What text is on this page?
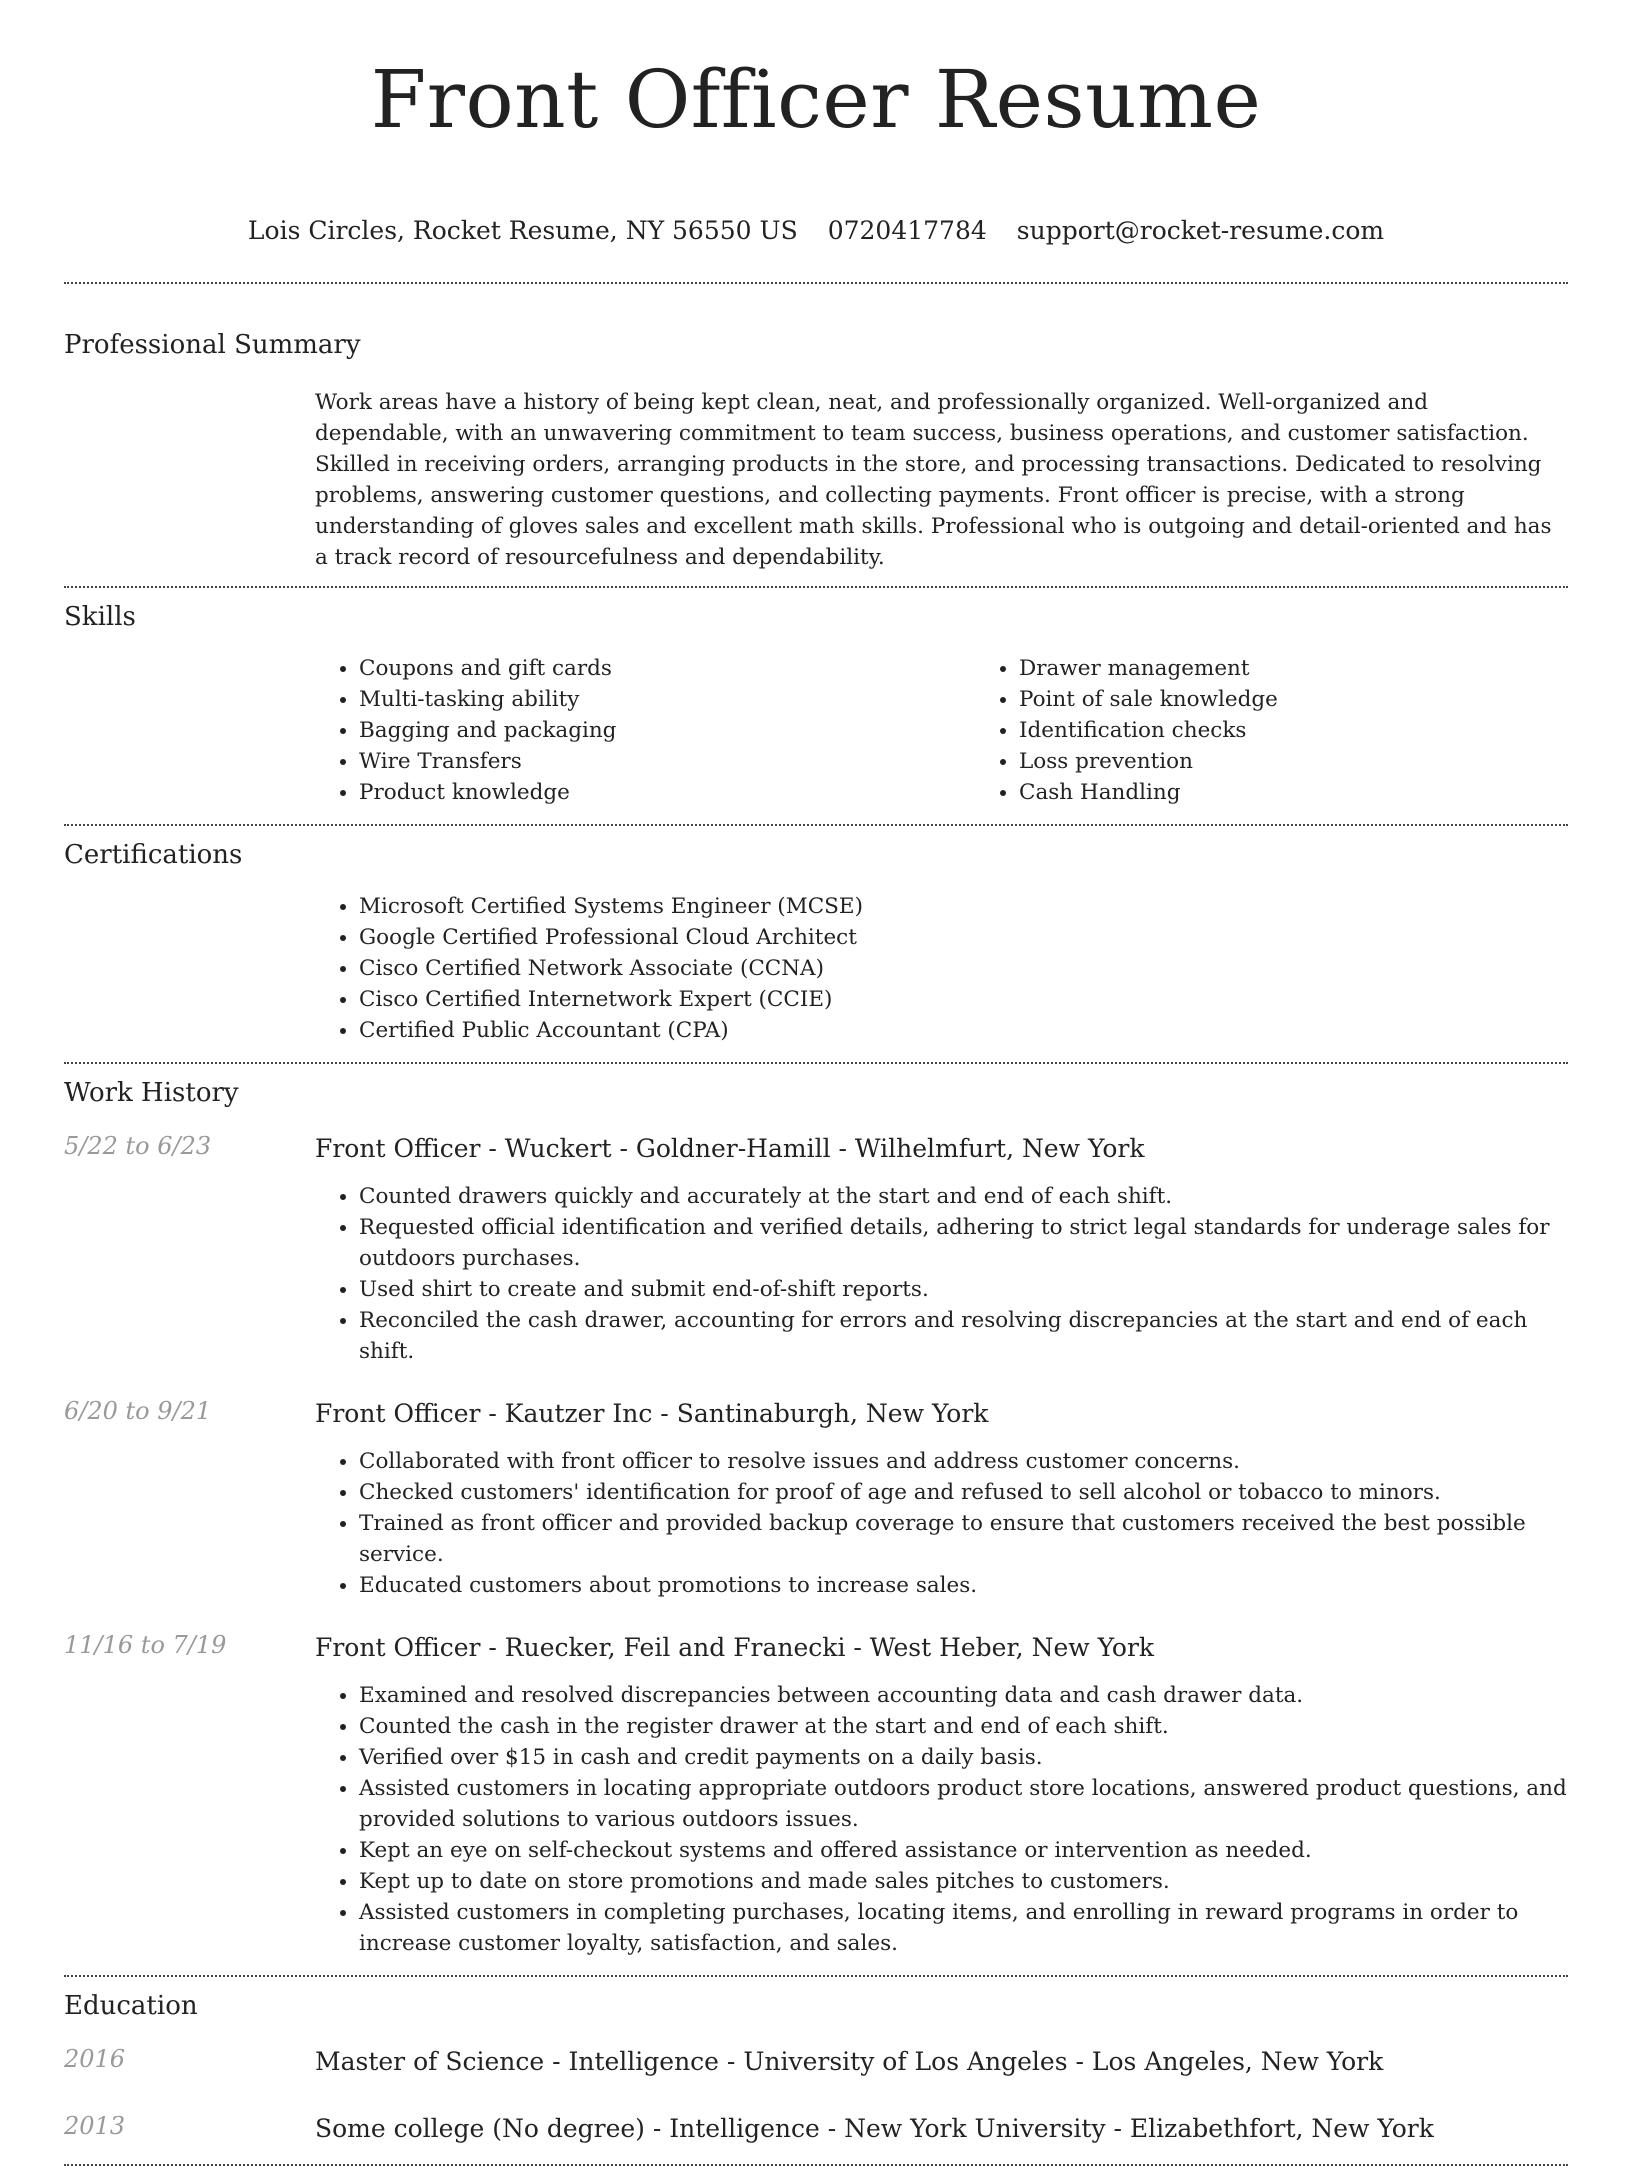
Front Officer Resume
Lois Circles, Rocket Resume, NY 56550 US 0720417784 support@rocket-resume.com
Professional Summary

Work areas have a history of being kept clean, neat, and professionally organized. Well-organized and dependable, with an unwavering commitment to team success, business operations, and customer satisfaction. Skilled in receiving orders, arranging products in the store, and processing transactions. Dedicated to resolving problems, answering customer questions, and collecting payments. Front officer is precise, with a strong understanding of gloves sales and excellent math skills. Professional who is outgoing and detail-oriented and has a track record of resourcefulness and dependability.

Skills
• Coupons and gift cards
• Multi-tasking ability
• Bagging and packaging
• Wire Transfers
• Product knowledge
• Drawer management
• Point of sale knowledge
• Identification checks
• Loss prevention
• Cash Handling
Certifications
• Microsoft Certified Systems Engineer (MCSE)
• Google Certified Professional Cloud Architect
• Cisco Certified Network Associate (CCNA)
• Cisco Certified Internetwork Expert (CCIE)
• Certified Public Accountant (CPA)
Work History
5/22 to 6/23	Front Officer - Wuckert - Goldner-Hamill - Wilhelmfurt, New York
• Counted drawers quickly and accurately at the start and end of each shift.
• Requested official identification and verified details, adhering to strict legal standards for underage sales for outdoors purchases.
• Used shirt to create and submit end-of-shift reports.
• Reconciled the cash drawer, accounting for errors and resolving discrepancies at the start and end of each shift.
6/20 to 9/21	Front Officer - Kautzer Inc - Santinaburgh, New York
• Collaborated with front officer to resolve issues and address customer concerns.
• Checked customers' identification for proof of age and refused to sell alcohol or tobacco to minors.
• Trained as front officer and provided backup coverage to ensure that customers received the best possible service.
• Educated customers about promotions to increase sales.
11/16 to 7/19	Front Officer - Ruecker, Feil and Franecki - West Heber, New York
• Examined and resolved discrepancies between accounting data and cash drawer data.
• Counted the cash in the register drawer at the start and end of each shift.
• Verified over $15 in cash and credit payments on a daily basis.
• Assisted customers in locating appropriate outdoors product store locations, answered product questions, and provided solutions to various outdoors issues.
• Kept an eye on self-checkout systems and offered assistance or intervention as needed.
• Kept up to date on store promotions and made sales pitches to customers.
• Assisted customers in completing purchases, locating items, and enrolling in reward programs in order to increase customer loyalty, satisfaction, and sales.
Education
2016	Master of Science - Intelligence - University of Los Angeles - Los Angeles, New York
2013	Some college (No degree) - Intelligence - New York University - Elizabethfort, New York
